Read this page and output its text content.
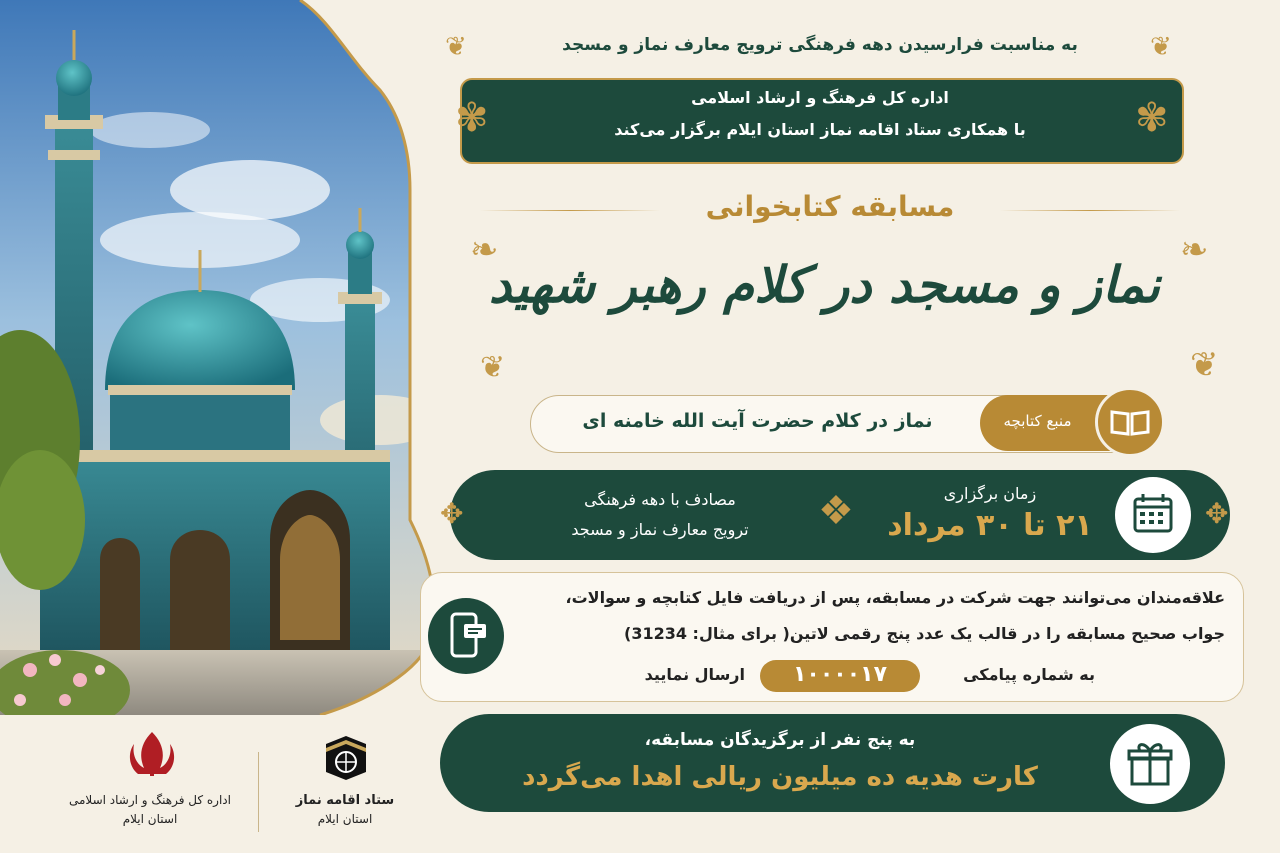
به مناسبت فرارسیدن دهه فرهنگی ترویج معارف نماز و مسجد
❦	❦
✾	✾
اداره کل فرهنگ و ارشاد اسلامی
با همکاری ستاد اقامه نماز استان ایلام برگزار می‌کند
مسابقه کتابخوانی
❧	❧
❦	❦
نماز و مسجد در کلام رهبر شهید
منبع کتابچه
نماز در کلام حضرت آیت الله خامنه ای
زمان برگزاری
۲۱ تا ۳۰ مرداد
❖
مصادف با دهه فرهنگی
ترویج معارف نماز و مسجد
✥	✥
علاقه‌مندان می‌توانند جهت شرکت در مسابقه، پس از دریافت فایل کتابچه و سوالات،
جواب صحیح مسابقه را در قالب یک عدد پنج رقمی لاتین( برای مثال: 31234)
به شماره پیامکی
۱۰۰۰۰۱۷
ارسال نمایید
به پنج نفر از برگزیدگان مسابقه،
کارت هدیه ده میلیون ریالی اهدا می‌گردد
اداره کل فرهنگ و ارشاد اسلامی
استان ایلام
ستاد اقامه نماز
استان ایلام
